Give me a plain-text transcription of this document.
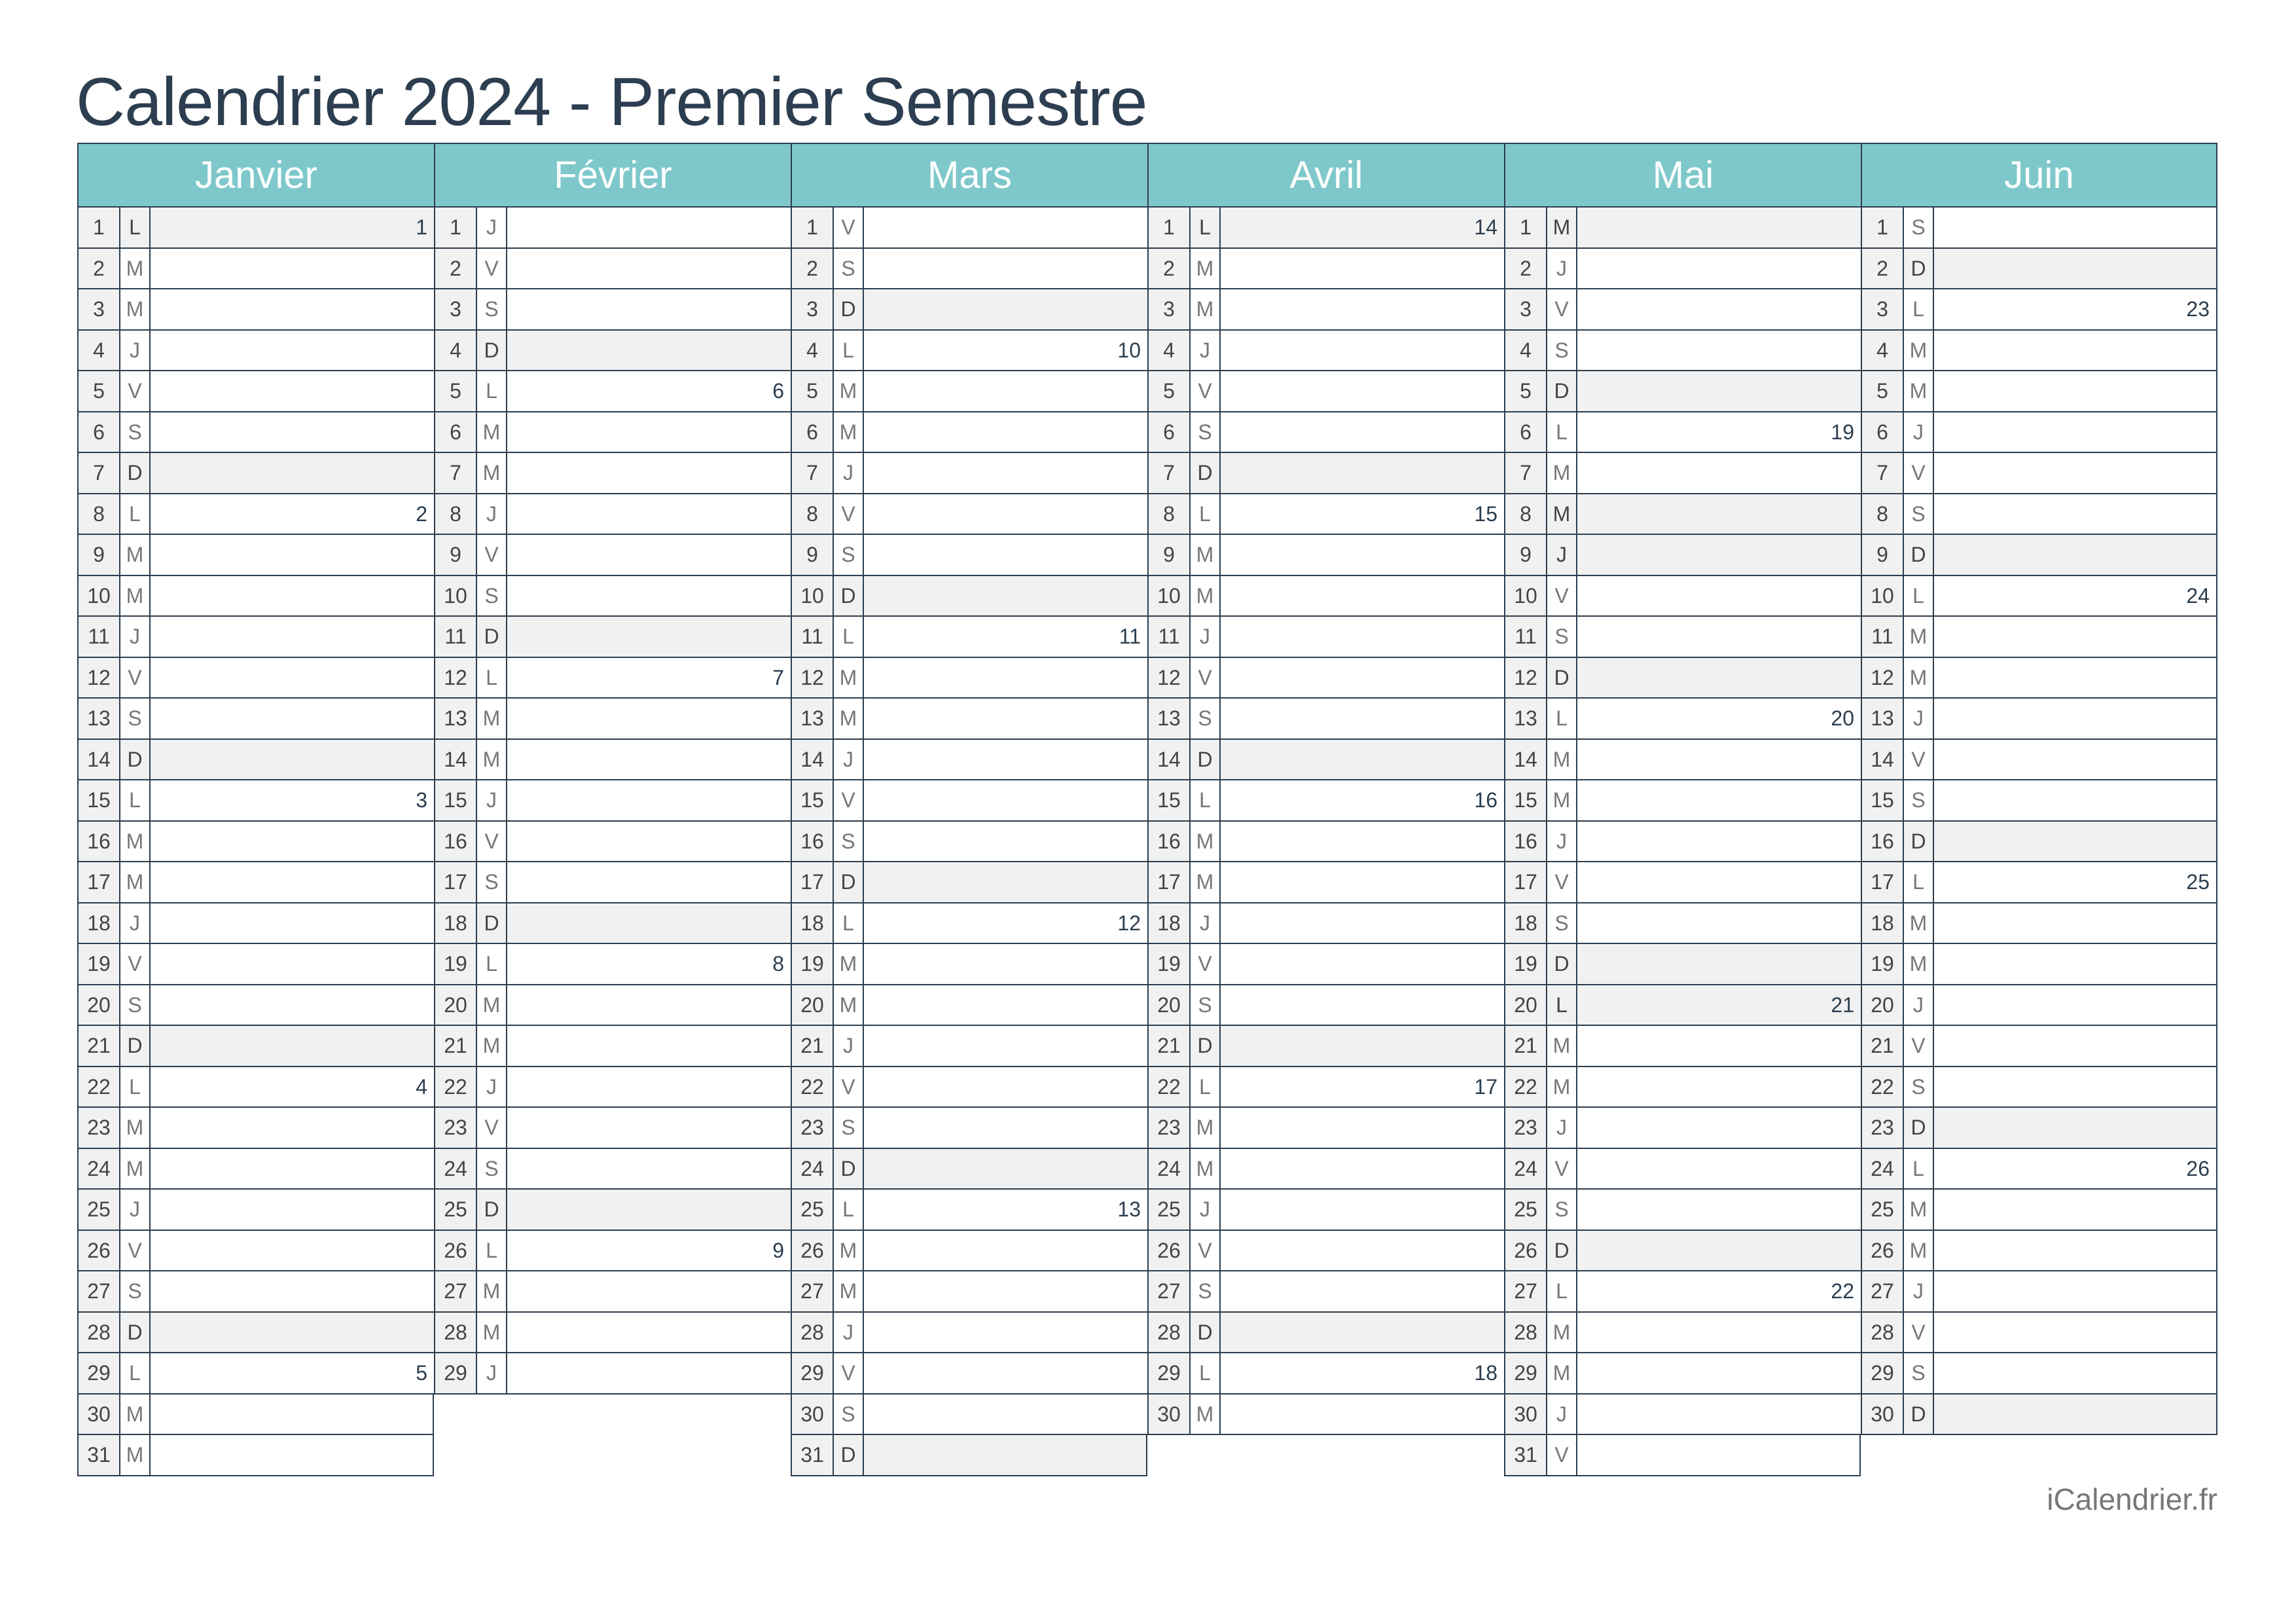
Calendrier 2024 - Premier Semestre
Janvier
1	L	1
2	M
3	M
4	J
5	V
6	S
7	D
8	L	2
9	M
10 M
11 J
12 V
13 S
14 D
15 L	3
16 M
17 M
18 J
19 V
20 S
21 D
22 L	4
23 M
24 M
25 J
26 V
27 S
28 D
29 L	5
30 M
31 M
Février
1	J
2	V
3	S
4	D
5	L	6
6	M
7	M
8	J
9	V
10 S
11 D
12 L	7
13 M
14 M
15 J
16 V
17 S
18 D
19 L	8
20 M
21 M
22 J
23 V
24 S
25 D
26 L	9
27 M
28 M
29 J
Mars
1	V
2	S
3	D
4	L	10
5	M
6	M
7	J
8	V
9	S
10 D
11 L	11
12 M
13 M
14 J
15 V
16 S
17 D
18 L	12
19 M
20 M
21 J
22 V
23 S
24 D
25 L	13
26 M
27 M
28 J
29 V
30 S
31 D
Avril
1	L	14
2	M
3	M
4	J
5	V
6	S
7	D
8	L	15
9	M
10 M
11 J
12 V
13 S
14 D
15 L	16
16 M
17 M
18 J
19 V
20 S
21 D
22 L	17
23 M
24 M
25 J
26 V
27 S
28 D
29 L	18
30 M
Mai
1	M
2	J
3	V
4	S
5	D
6	L	19
7	M
8	M
9	J
10 V
11 S
12 D
13 L	20
14 M
15 M
16 J
17 V
18 S
19 D
20 L	21
21 M
22 M
23 J
24 V
25 S
26 D
27 L	22
28 M
29 M
30 J
31 V
Juin
1	S
2	D
3	L	23
4	M
5	M
6	J
7	V
8	S
9	D
10 L	24
11 M
12 M
13 J
14 V
15 S
16 D
17 L	25
18 M
19 M
20 J
21 V
22 S
23 D
24 L	26
25 M
26 M
27 J
28 V
29 S
30 D
iCalendrier.fr
